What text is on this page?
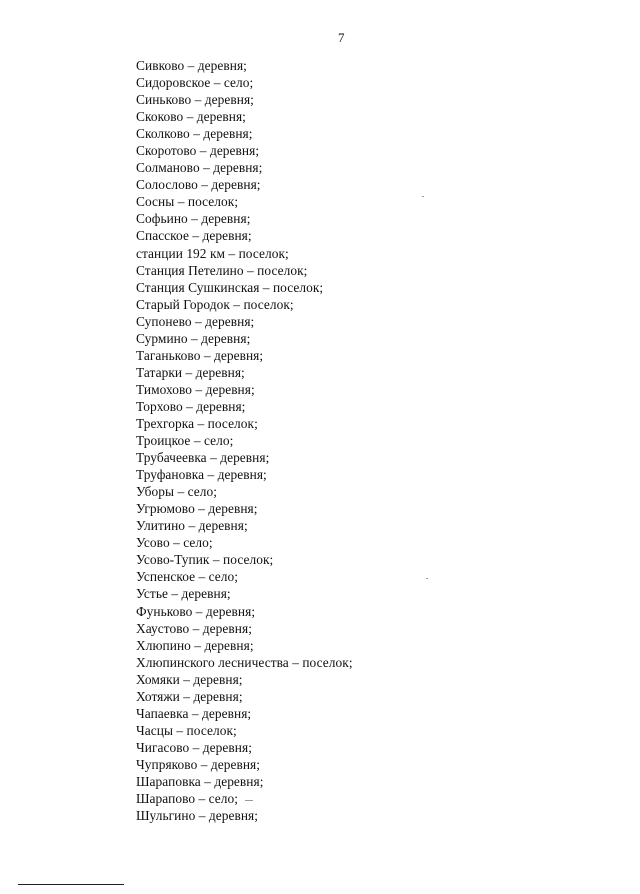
7
Сивково – деревня;
Сидоровское – село;
Синьково – деревня;
Скоково – деревня;
Сколково – деревня;
Скоротово – деревня;
Солманово – деревня;
Солослово – деревня;
Сосны – поселок;
Софьино – деревня;
Спасское – деревня;
станции 192 км – поселок;
Станция Петелино – поселок;
Станция Сушкинская – поселок;
Старый Городок – поселок;
Супонево – деревня;
Сурмино – деревня;
Таганьково – деревня;
Татарки – деревня;
Тимохово – деревня;
Торхово – деревня;
Трехгорка – поселок;
Троицкое – село;
Трубачеевка – деревня;
Труфановка – деревня;
Уборы – село;
Угрюмово – деревня;
Улитино – деревня;
Усово – село;
Усово-Тупик – поселок;
Успенское – село;
Устье – деревня;
Фуньково – деревня;
Хаустово – деревня;
Хлюпино – деревня;
Хлюпинского лесничества – поселок;
Хомяки – деревня;
Хотяжи – деревня;
Чапаевка – деревня;
Часцы – поселок;
Чигасово – деревня;
Чупряково – деревня;
Шараповка – деревня;
Шарапово – село;
Шульгино – деревня;
